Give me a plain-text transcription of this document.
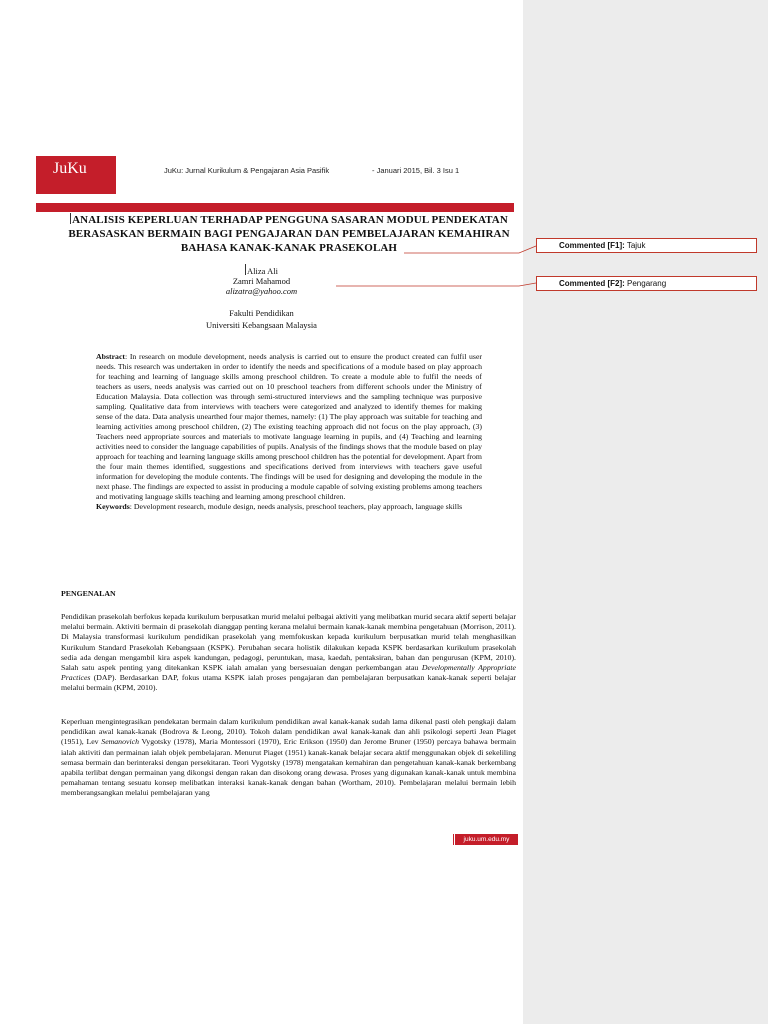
JuKu	JuKu: Jurnal Kurikulum & Pengajaran Asia Pasifik	- Januari 2015, Bil. 3 Isu 1
ANALISIS KEPERLUAN TERHADAP PENGGUNA SASARAN MODUL PENDEKATAN
BERASASKAN BERMAIN BAGI PENGAJARAN DAN PEMBELAJARAN KEMAHIRAN
BAHASA KANAK-KANAK PRASEKOLAH
Aliza Ali
Zamri Mahamod
alizatra@yahoo.com
Fakulti Pendidikan
Universiti Kebangsaan Malaysia
Abstract: In research on module development, needs analysis is carried out to ensure the product created can fulfil user needs. This research was undertaken in order to identify the needs and specifications of a module based on play approach for teaching and learning of language skills among preschool children. To create a module able to fulfil the needs of teachers as users, needs analysis was carried out on 10 preschool teachers from different schools under the Ministry of Education Malaysia. Data collection was through semi-structured interviews and the sampling technique was purposive sampling. Qualitative data from interviews with teachers were categorized and analyzed to identify themes for making sense of the data. Data analysis unearthed four major themes, namely: (1) The play approach was suitable for teaching and learning activities among preschool children, (2) The existing teaching approach did not focus on the play approach, (3) Teachers need appropriate sources and materials to motivate language learning in pupils, and (4) Teaching and learning activities need to consider the language capabilities of pupils. Analysis of the findings shows that the module based on play approach for teaching and learning language skills among preschool children has the potential for development. Apart from the four main themes identified, suggestions and specifications derived from interviews with teachers gave useful information for developing the module contents. The findings will be used for designing and developing the module in the next phase. The findings are expected to assist in producing a module capable of solving existing problems among teachers and motivating language skills teaching and learning among preschool children.
Keywords: Development research, module design, needs analysis, preschool teachers, play approach, language skills
PENGENALAN
Pendidikan prasekolah berfokus kepada kurikulum berpusatkan murid melalui pelbagai aktiviti yang melibatkan murid secara aktif seperti belajar melalui bermain. Aktiviti bermain di prasekolah dianggap penting kerana melalui bermain kanak-kanak membina pengetahuan (Morrison, 2011). Di Malaysia transformasi kurikulum pendidikan prasekolah yang memfokuskan kepada kurikulum berpusatkan murid telah menghasilkan Kurikulum Standard Prasekolah Kebangsaan (KSPK). Perubahan secara holistik dilakukan kepada KSPK berdasarkan kurikulum prasekolah sedia ada dengan mengambil kira aspek kandungan, pedagogi, peruntukan, masa, kaedah, pentaksiran, bahan dan pengurusan (KPM, 2010). Salah satu aspek penting yang ditekankan KSPK ialah amalan yang bersesuaian dengan perkembangan atau Developmentally Appropriate Practices (DAP). Berdasarkan DAP, fokus utama KSPK ialah proses pengajaran dan pembelajaran berpusatkan kanak-kanak seperti belajar melalui bermain (KPM, 2010).
Keperluan mengintegrasikan pendekatan bermain dalam kurikulum pendidikan awal kanak-kanak sudah lama dikenal pasti oleh pengkaji dalam pendidikan awal kanak-kanak (Bodrova & Leong, 2010). Tokoh dalam pendidikan awal kanak-kanak dan ahli psikologi seperti Jean Piaget (1951), Lev Semanovich Vygotsky (1978), Maria Montessori (1970), Eric Erikson (1950) dan Jerome Bruner (1950) percaya bahawa bermain ialah aktiviti dan permainan ialah objek pembelajaran. Menurut Piaget (1951) kanak-kanak belajar secara aktif menggunakan objek di sekeliling semasa bermain dan berinteraksi dengan persekitaran. Teori Vygotsky (1978) mengatakan kemahiran dan pengetahuan kanak-kanak berkembang apabila terlibat dengan permainan yang dikongsi dengan rakan dan disokong orang dewasa. Proses yang digunakan kanak-kanak untuk membina pemahaman tentang sesuatu konsep melibatkan interaksi kanak-kanak dengan bahan (Wortham, 2010). Pembelajaran melalui bermain lebih memberangsangkan melalui pembelajaran yang
juku.um.edu.my
Commented [F1]: Tajuk
Commented [F2]: Pengarang
